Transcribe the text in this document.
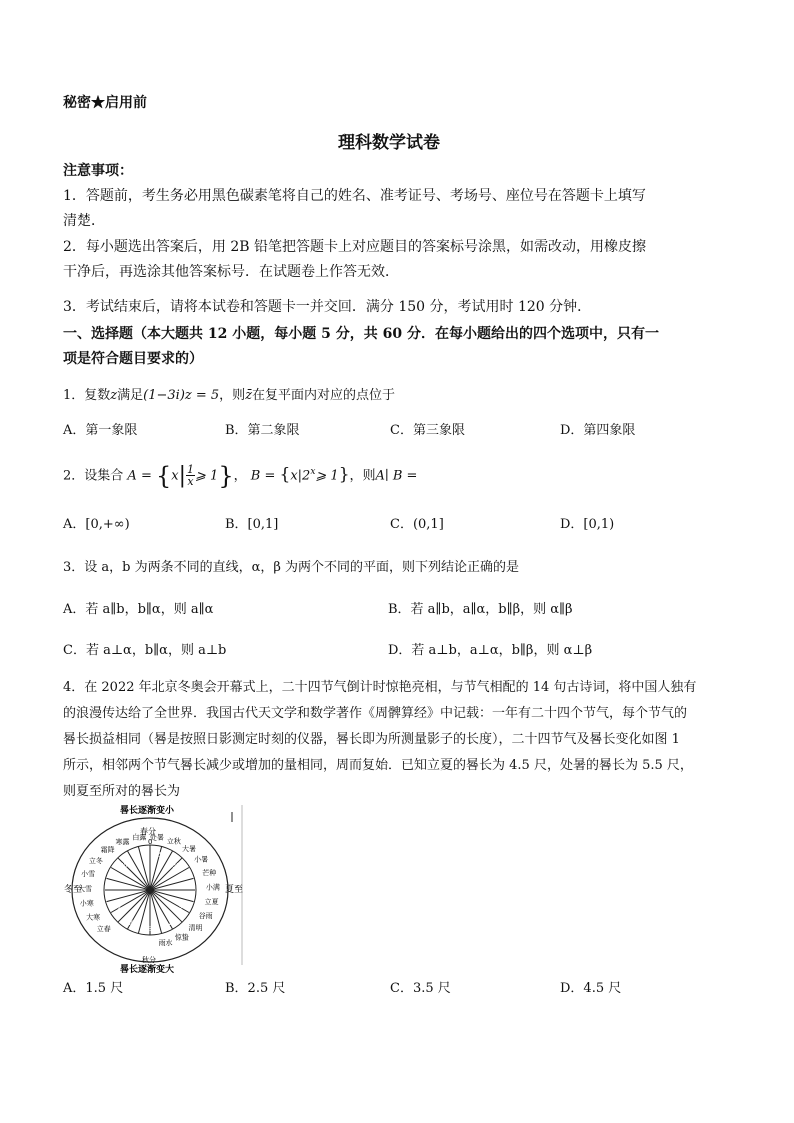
秘密★启用前
理科数学试卷
注意事项：
1．答题前，考生务必用黑色碳素笔将自己的姓名、准考证号、考场号、座位号在答题卡上填写
清楚．
2．每小题选出答案后，用 2B 铅笔把答题卡上对应题目的答案标号涂黑，如需改动，用橡皮擦
干净后，再选涂其他答案标号．在试题卷上作答无效．
3．考试结束后，请将本试卷和答题卡一并交回．满分 150 分，考试用时 120 分钟．
一、选择题（本大题共 12 小题，每小题 5 分，共 60 分．在每小题给出的四个选项中，只有一
项是符合题目要求的）
1．复数z满足(1−3i)z = 5，则z̄在复平面内对应的点位于
A．第一象限	B．第二象限	C．第三象限	D．第四象限
2．设集合 $A = \{x| \frac{1}{x}$ ⩾ 1}， $B = \{x|2^x⩾$ 1}，则A∣ B =
A．[0,+∞)	B．[0,1]	C．(0,1]	D．[0,1)
3．设 a，b 为两条不同的直线，α，β 为两个不同的平面，则下列结论正确的是
A．若 a∥b，b∥α，则 a∥α	B．若 a∥b，a∥α，b∥β，则 α∥β
C．若 a⊥α，b∥α，则 a⊥b	D．若 a⊥b，a⊥α，b∥β，则 α⊥β
4．在 2022 年北京冬奥会开幕式上，二十四节气倒计时惊艳亮相，与节气相配的 14 句古诗词，将中国人独有
的浪漫传达给了全世界．我国古代天文学和数学著作《周髀算经》中记载：一年有二十四个节气，每个节气的
晷长损益相同（晷是按照日影测定时刻的仪器，晷长即为所测量影子的长度），二十四节气及晷长变化如图 1
所示，相邻两个节气晷长减少或增加的量相同，周而复始．已知立夏的晷长为 4.5 尺，处暑的晷长为 5.5 尺，
则夏至所对的晷长为
晷长逐渐变小
晷长逐渐变大
冬至	夏至
春分
0
秋分
雨水
惊蛰
清明
谷雨
立夏
小满
芒种
小暑
大暑
立秋
处暑
白露
寒露
霜降
立冬
小雪
大雪
小寒
大寒
立春
330
30
60
90
120
150
180
210
240
270
A．1.5 尺	B．2.5 尺	C．3.5 尺	D．4.5 尺
